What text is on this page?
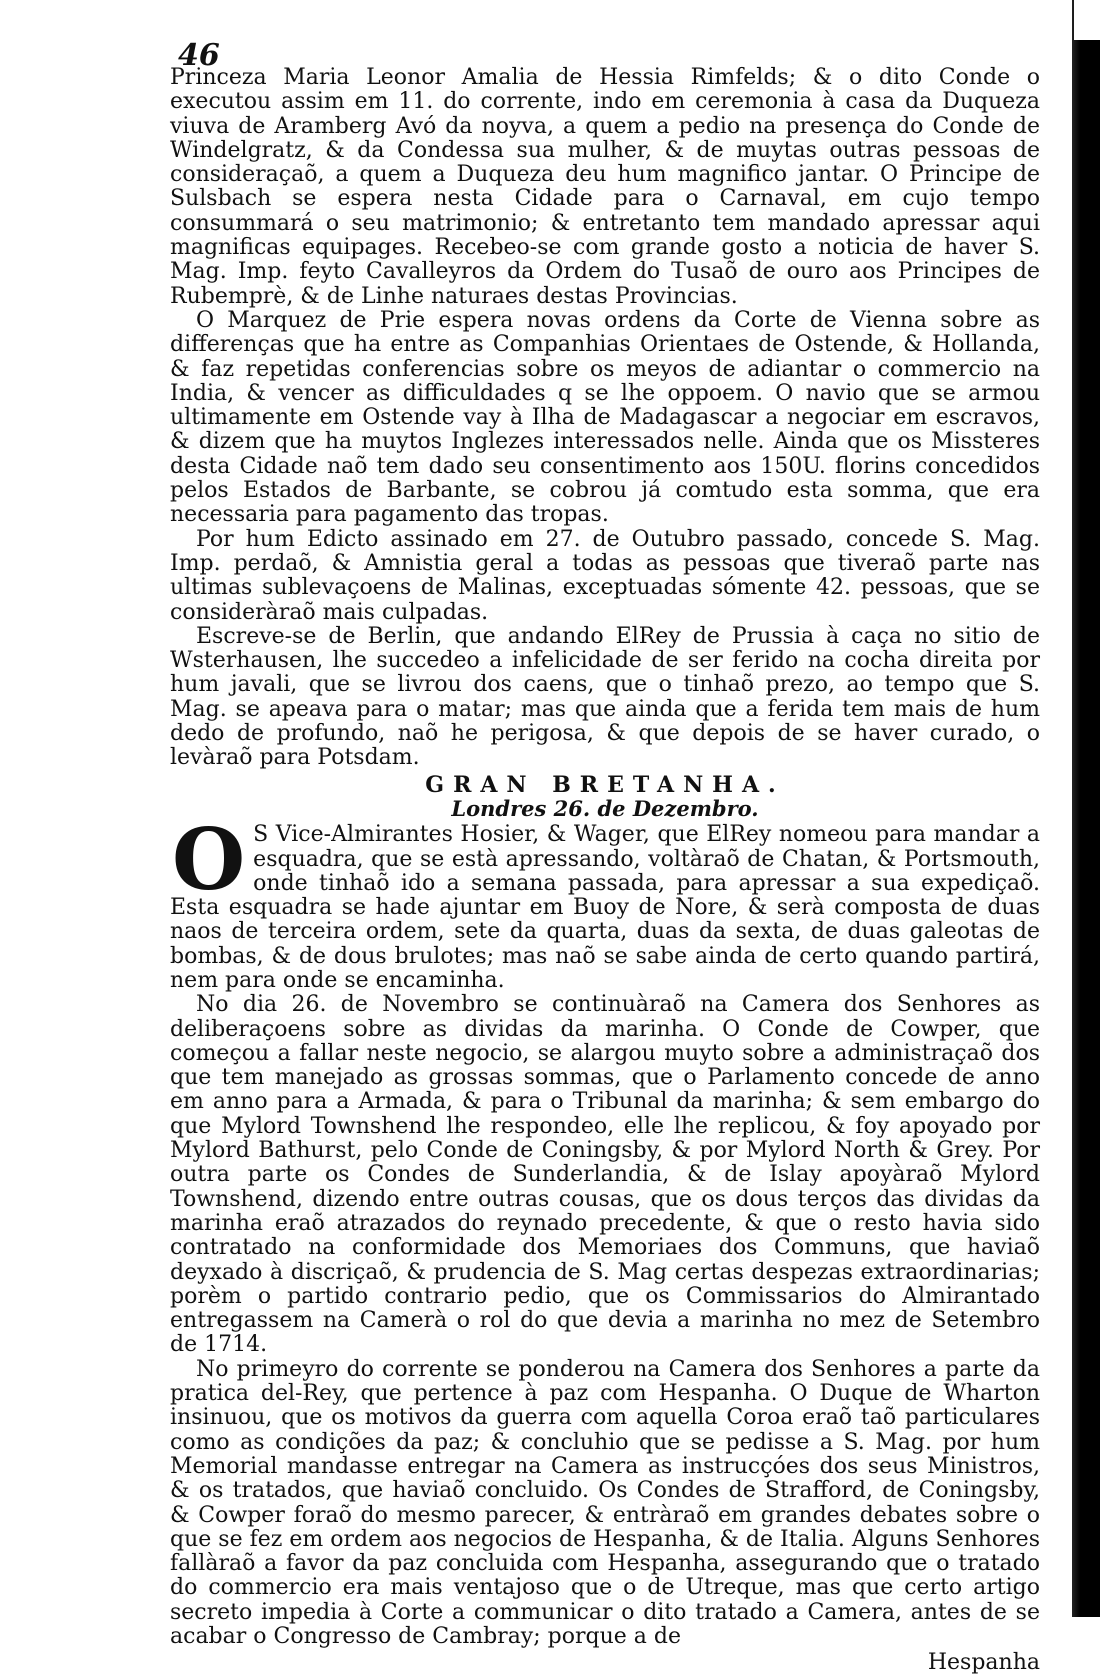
46

Princeza Maria Leonor Amalia de Hessia Rimfelds; & o dito Conde o executou assim em 11. do corrente, indo em ceremonia à casa da Duqueza viuva de Aramberg Avó da noyva, a quem a pedio na presença do Conde de Windelgratz, & da Condessa sua mulher, & de muytas outras pessoas de consideraçaõ, a quem a Duqueza deu hum magnifico jantar. O Principe de Sulsbach se espera nesta Cidade para o Carnaval, em cujo tempo consummará o seu matrimonio; & entretanto tem mandado apressar aqui magnificas equipages. Recebeo-se com grande gosto a noticia de haver S. Mag. Imp. feyto Cavalleyros da Ordem do Tusaõ de ouro aos Principes de Rubemprè, & de Linhe naturaes destas Provincias.

O Marquez de Prie espera novas ordens da Corte de Vienna sobre as differenças que ha entre as Companhias Orientaes de Ostende, & Hollanda, & faz repetidas conferencias sobre os meyos de adiantar o commercio na India, & vencer as difficuldades q se lhe oppoem. O navio que se armou ultimamente em Ostende vay à Ilha de Madagascar a negociar em escravos, & dizem que ha muytos Inglezes interessados nelle. Ainda que os Missteres desta Cidade naõ tem dado seu consentimento aos 150U. florins concedidos pelos Estados de Barbante, se cobrou já comtudo esta somma, que era necessaria para pagamento das tropas.

Por hum Edicto assinado em 27. de Outubro passado, concede S. Mag. Imp. perdaõ, & Amnistia geral a todas as pessoas que tiveraõ parte nas ultimas sublevaçoens de Malinas, exceptuadas sómente 42. pessoas, que se consideràraõ mais culpadas.

Escreve-se de Berlin, que andando ElRey de Prussia à caça no sitio de Wsterhausen, lhe succedeo a infelicidade de ser ferido na cocha direita por hum javali, que se livrou dos caens, que o tinhaõ prezo, ao tempo que S. Mag. se apeava para o matar; mas que ainda que a ferida tem mais de hum dedo de profundo, naõ he perigosa, & que depois de se haver curado, o levàraõ para Potsdam.

GRAN BRETANHA.
Londres 26. de Dezembro.

O S Vice-Almirantes Hosier, & Wager, que ElRey nomeou para mandar a esquadra, que se està apressando, voltàraõ de Chatan, & Portsmouth, onde tinhaõ ido a semana passada, para apressar a sua expediçaõ. Esta esquadra se hade ajuntar em Buoy de Nore, & serà composta de duas naos de terceira ordem, sete da quarta, duas da sexta, de duas galeotas de bombas, & de dous brulotes; mas naõ se sabe ainda de certo quando partirá, nem para onde se encaminha.

No dia 26. de Novembro se continuàraõ na Camera dos Senhores as deliberaçoens sobre as dividas da marinha. O Conde de Cowper, que começou a fallar neste negocio, se alargou muyto sobre a administraçaõ dos que tem manejado as grossas sommas, que o Parlamento concede de anno em anno para a Armada, & para o Tribunal da marinha; & sem embargo do que Mylord Townshend lhe respondeo, elle lhe replicou, & foy apoyado por Mylord Bathurst, pelo Conde de Coningsby, & por Mylord North & Grey. Por outra parte os Condes de Sunderlandia, & de Islay apoyàraõ Mylord Townshend, dizendo entre outras cousas, que os dous terços das dividas da marinha eraõ atrazados do reynado precedente, & que o resto havia sido contratado na conformidade dos Memoriaes dos Communs, que haviaõ deyxado à discriçaõ, & prudencia de S. Mag certas despezas extraordinarias; porèm o partido contrario pedio, que os Commissarios do Almirantado entregassem na Camerà o rol do que devia a marinha no mez de Setembro de 1714.

No primeyro do corrente se ponderou na Camera dos Senhores a parte da pratica del-Rey, que pertence à paz com Hespanha. O Duque de Wharton insinuou, que os motivos da guerra com aquella Coroa eraõ taõ particulares como as condições da paz; & concluhio que se pedisse a S. Mag. por hum Memorial mandasse entregar na Camera as instrucçóes dos seus Ministros, & os tratados, que haviaõ concluido. Os Condes de Strafford, de Coningsby, & Cowper foraõ do mesmo parecer, & entràraõ em grandes debates sobre o que se fez em ordem aos negocios de Hespanha, & de Italia. Alguns Senhores fallàraõ a favor da paz concluida com Hespanha, assegurando que o tratado do commercio era mais ventajoso que o de Utreque, mas que certo artigo secreto impedia à Corte a communicar o dito tratado a Camera, antes de se acabar o Congresso de Cambray; porque a de

Hespanha
